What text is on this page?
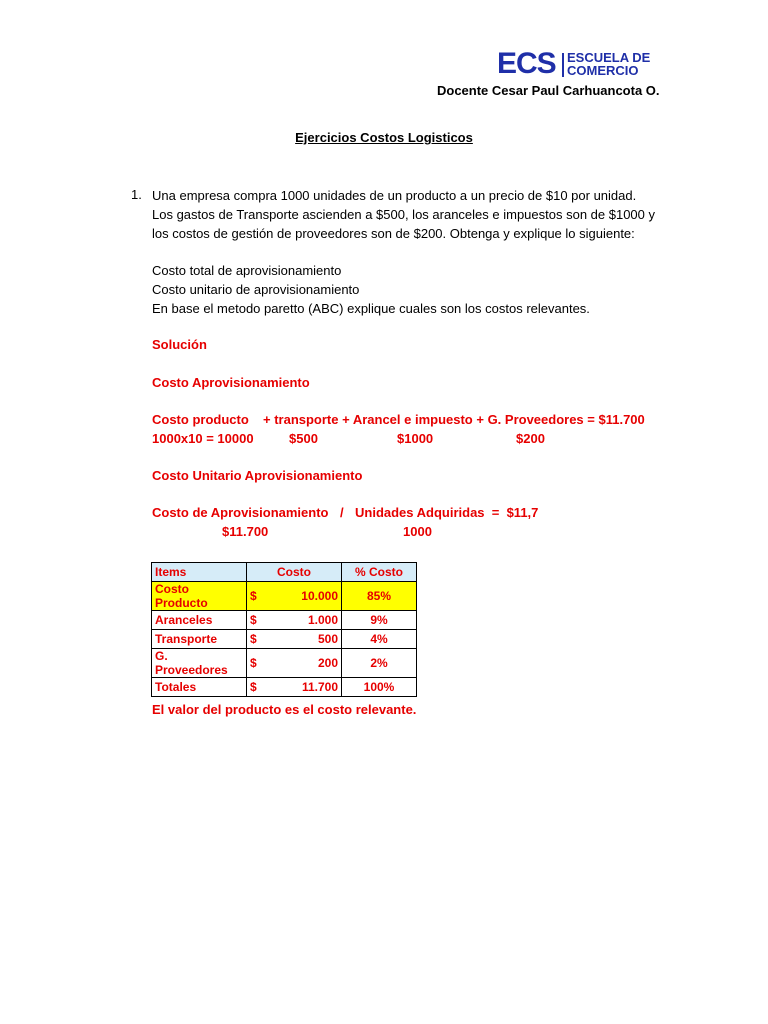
ECS ESCUELA DE
COMERCIO
Docente Cesar Paul Carhuancota O.
Ejercicios Costos Logisticos
1. Una empresa compra 1000 unidades de un producto a un precio de $10 por unidad.
Los gastos de Transporte ascienden a $500, los aranceles e impuestos son de $1000 y
los costos de gestión de proveedores son de $200. Obtenga y explique lo siguiente:
Costo total de aprovisionamiento
Costo unitario de aprovisionamiento
En base el metodo paretto (ABC) explique cuales son los costos relevantes.
Solución
Costo Aprovisionamiento
Costo producto + transporte + Arancel e impuesto + G. Proveedores = $11.700
1000x10 = 10000	$500	$1000	$200
Costo Unitario Aprovisionamiento
Costo de Aprovisionamiento / Unidades Adquiridas  =  $11,7
$11.700	1000
Items	Costo		% Costo
Costo Producto	$	10.000	85%
Aranceles	$	1.000	9%
Transporte	$	500	4%
G. Proveedores	$	200	2%
Totales	$	11.700	100%
El valor del producto es el costo relevante.
